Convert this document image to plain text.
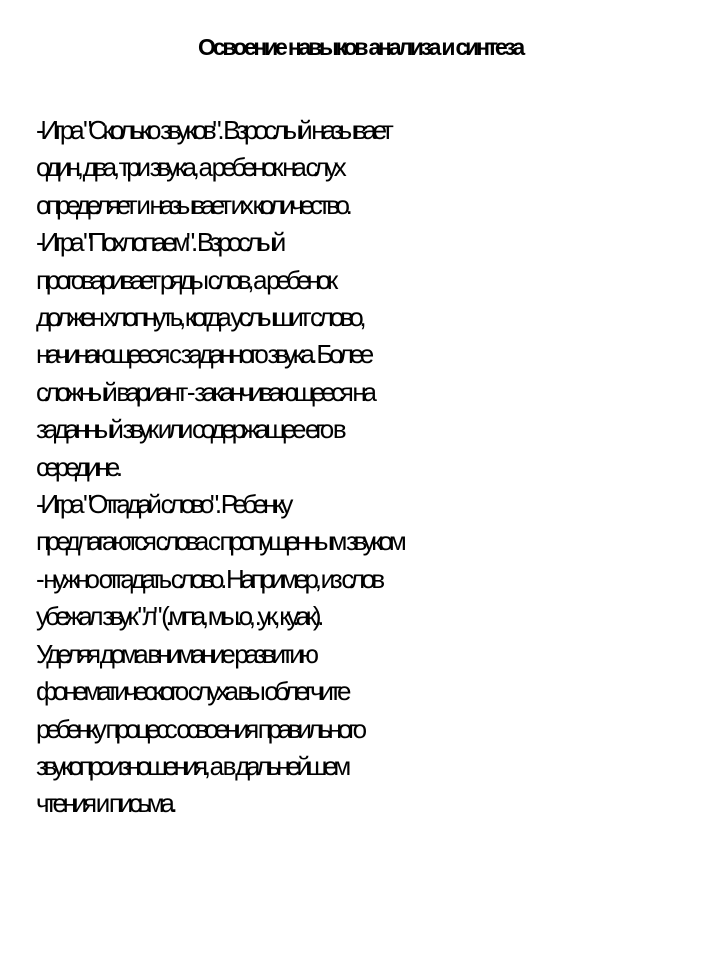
Освоение навыков анализа и синтеза
-Игра "Сколько звуков". Взрослый называет
один, два, три звука, а ребенок на слух
определяет и называет их количество.
-Игра "Похлопаем". Взрослый
проговаривает ряды слов, а ребенок
должен хлопнуть, когда услышит слово,
начинающееся с заданного звука. Более
сложный вариант - заканчивающееся на
заданный звук или содержащее его в
середине.
-Игра "Отгадай слово". Ребенку
предлагаются слова с пропущенным звуком
- нужно отгадать слово. Например, из слов
убежал звук "л" (.мпа, мы.о, .ук, ку.ак).
Уделяя дома внимание развитию
фонематического слуха вы облегчите
ребенку процесс освоения правильного
звукопроизношения, а в дальнейшем
чтения и письма.
